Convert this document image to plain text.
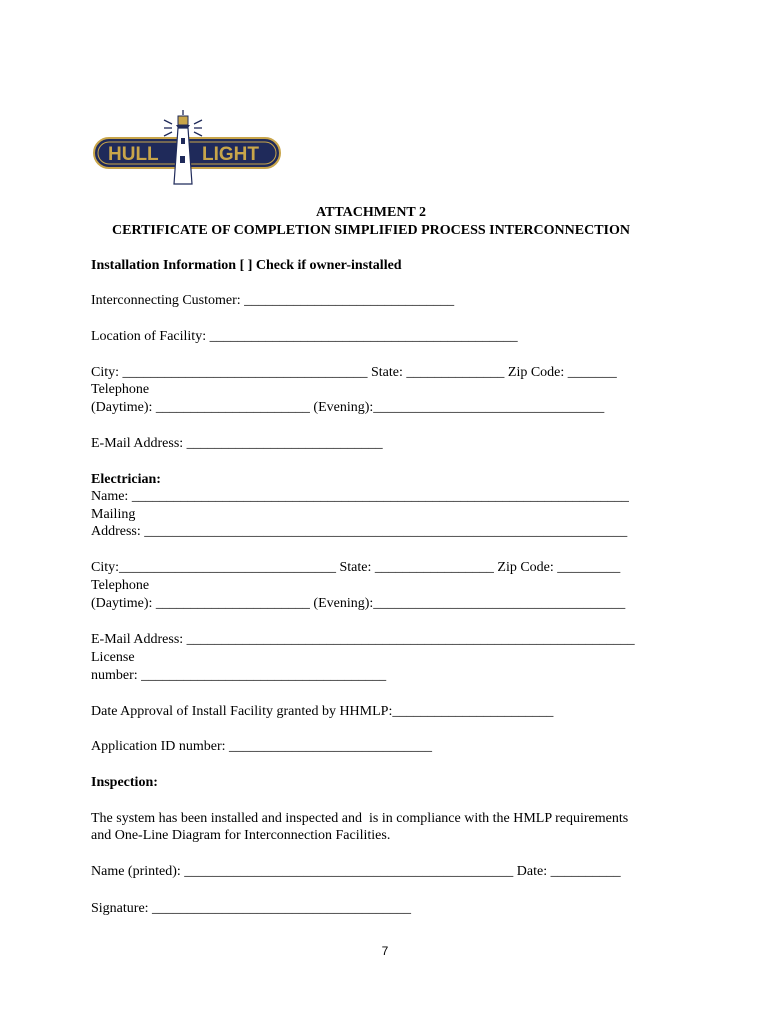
HULL LIGHT
ATTACHMENT 2
CERTIFICATE OF COMPLETION SIMPLIFIED PROCESS INTERCONNECTION
Installation Information [ ] Check if owner-installed
Interconnecting Customer: ______________________________
Location of Facility: ____________________________________________
City: ___________________________________ State: ______________ Zip Code: _______
Telephone
(Daytime): ______________________ (Evening):_________________________________
E-Mail Address: ____________________________
Electrician:
Name: _______________________________________________________________________
Mailing
Address: _____________________________________________________________________
City:_______________________________ State: _________________ Zip Code: _________
Telephone
(Daytime): ______________________ (Evening):____________________________________
E-Mail Address: ________________________________________________________________
License
number: ___________________________________
Date Approval of Install Facility granted by HHMLP:_______________________
Application ID number: _____________________________
Inspection:
The system has been installed and inspected and  is in compliance with the HMLP requirements
and One-Line Diagram for Interconnection Facilities.
Name (printed): _______________________________________________ Date: __________
Signature: _____________________________________
7
